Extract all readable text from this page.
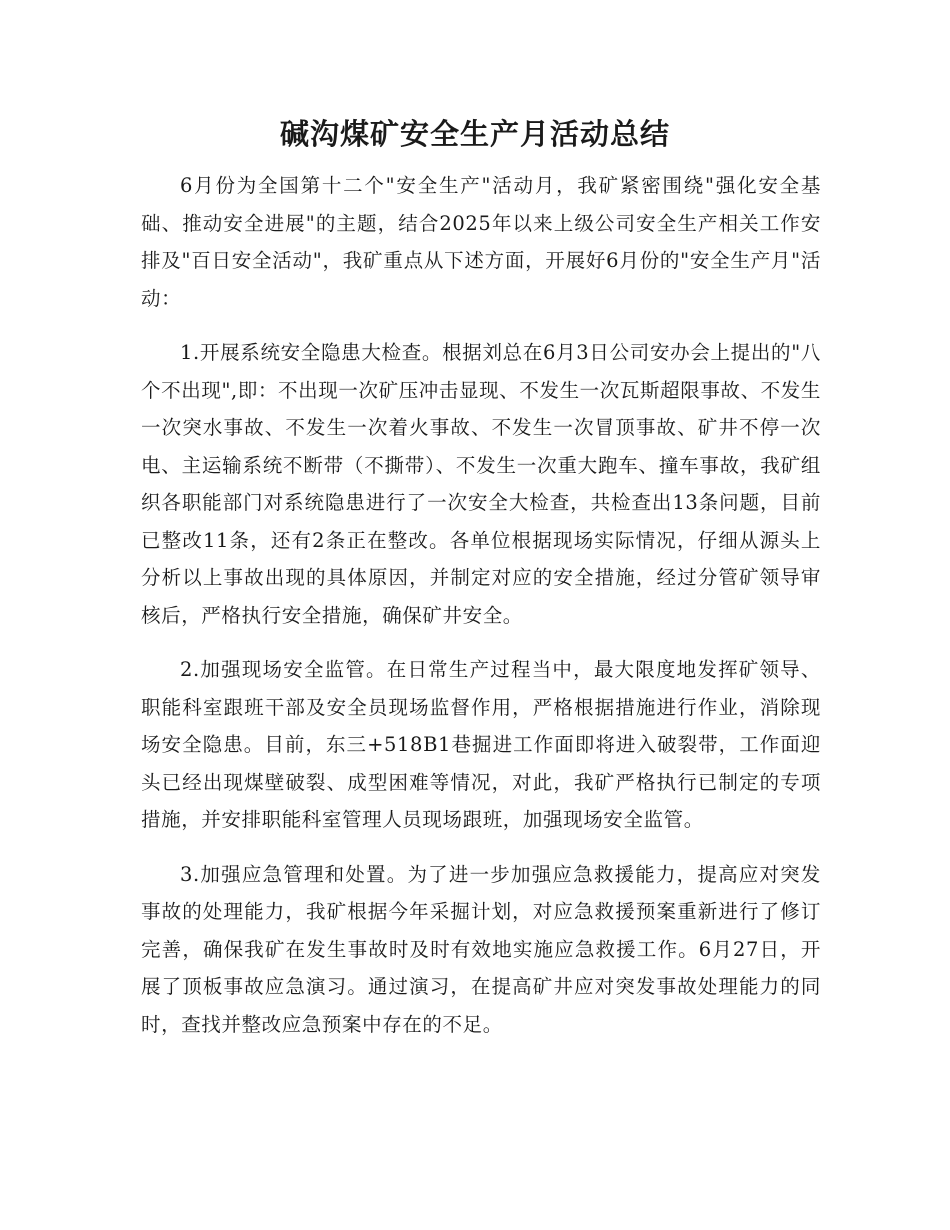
碱沟煤矿安全生产月活动总结

6月份为全国第十二个"安全生产"活动月，我矿紧密围绕"强化安全基础、推动安全进展"的主题，结合2025年以来上级公司安全生产相关工作安排及"百日安全活动"，我矿重点从下述方面，开展好6月份的"安全生产月"活动：

1.开展系统安全隐患大检查。根据刘总在6月3日公司安办会上提出的"八个不出现",即：不出现一次矿压冲击显现、不发生一次瓦斯超限事故、不发生一次突水事故、不发生一次着火事故、不发生一次冒顶事故、矿井不停一次电、主运输系统不断带（不撕带）、不发生一次重大跑车、撞车事故，我矿组织各职能部门对系统隐患进行了一次安全大检查，共检查出13条问题，目前已整改11条，还有2条正在整改。各单位根据现场实际情况，仔细从源头上分析以上事故出现的具体原因，并制定对应的安全措施，经过分管矿领导审核后，严格执行安全措施，确保矿井安全。

2.加强现场安全监管。在日常生产过程当中，最大限度地发挥矿领导、职能科室跟班干部及安全员现场监督作用，严格根据措施进行作业，消除现场安全隐患。目前，东三+518B1巷掘进工作面即将进入破裂带，工作面迎头已经出现煤壁破裂、成型困难等情况，对此，我矿严格执行已制定的专项措施，并安排职能科室管理人员现场跟班，加强现场安全监管。

3.加强应急管理和处置。为了进一步加强应急救援能力，提高应对突发事故的处理能力，我矿根据今年采掘计划，对应急救援预案重新进行了修订完善，确保我矿在发生事故时及时有效地实施应急救援工作。6月27日，开展了顶板事故应急演习。通过演习，在提高矿井应对突发事故处理能力的同时，查找并整改应急预案中存在的不足。
